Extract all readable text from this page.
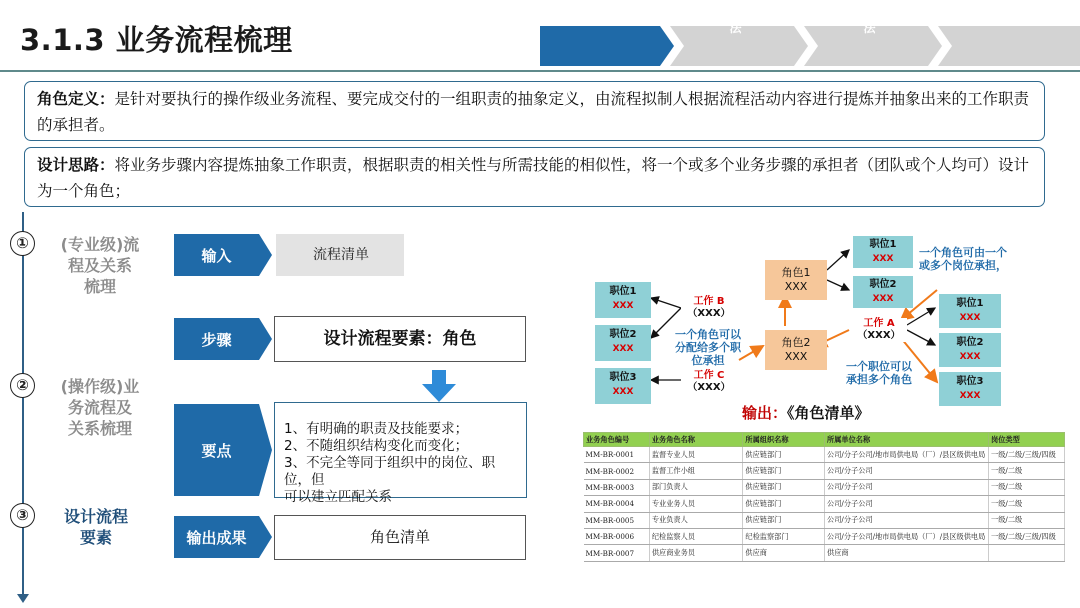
3.1.3 业务流程梳理
业务架构设计方法
数据架构设计方法
应用架构设计方法
技术架构设计方法
角色定义：是针对要执行的操作级业务流程、要完成交付的一组职责的抽象定义，由流程拟制人根据流程活动内容进行提炼并抽象出来的工作职责的承担者。
设计思路：将业务步骤内容提炼抽象工作职责，根据职责的相关性与所需技能的相似性，将一个或多个业务步骤的承担者（团队或个人均可）设计为一个角色；
①	(专业级)流
程及关系
梳理
②	(操作级)业
务流程及
关系梳理
③	设计流程
要素
输入	流程清单
步骤	设计流程要素：角色
要点
1、有明确的职责及技能要求；
2、不随组织结构变化而变化；
3、不完全等同于组织中的岗位、职位，但
可以建立匹配关系
输出成果	角色清单
职位1
XXX
职位2
XXX
职位3
XXX
工作 B
（XXX）
工作 C
（XXX）
一个角色可以分配给多个职位承担
角色1
XXX
角色2
XXX
职位1
XXX
职位2
XXX
一个角色可由一个或多个岗位承担，
工作 A
（XXX）
一个职位可以承担多个角色
职位1
XXX
职位2
XXX
职位3
XXX
输出：《角色清单》
业务角色编号	业务角色名称	所属组织名称	所属单位名称	岗位类型
MM-BR-0001	监督专业人员	供应链部门	公司/分子公司/地市局供电局（厂）/县区级供电局	一级/二级/三级/四级
MM-BR-0002	监督工作小组	供应链部门	公司/分子公司	一级/二级
MM-BR-0003	部门负责人	供应链部门	公司/分子公司	一级/二级
MM-BR-0004	专业业务人员	供应链部门	公司/分子公司	一级/二级
MM-BR-0005	专业负责人	供应链部门	公司/分子公司	一级/二级
MM-BR-0006	纪检监察人员	纪检监察部门	公司/分子公司/地市局供电局（厂）/县区级供电局	一级/二级/三级/四级
MM-BR-0007	供应商业务员	供应商	供应商	
